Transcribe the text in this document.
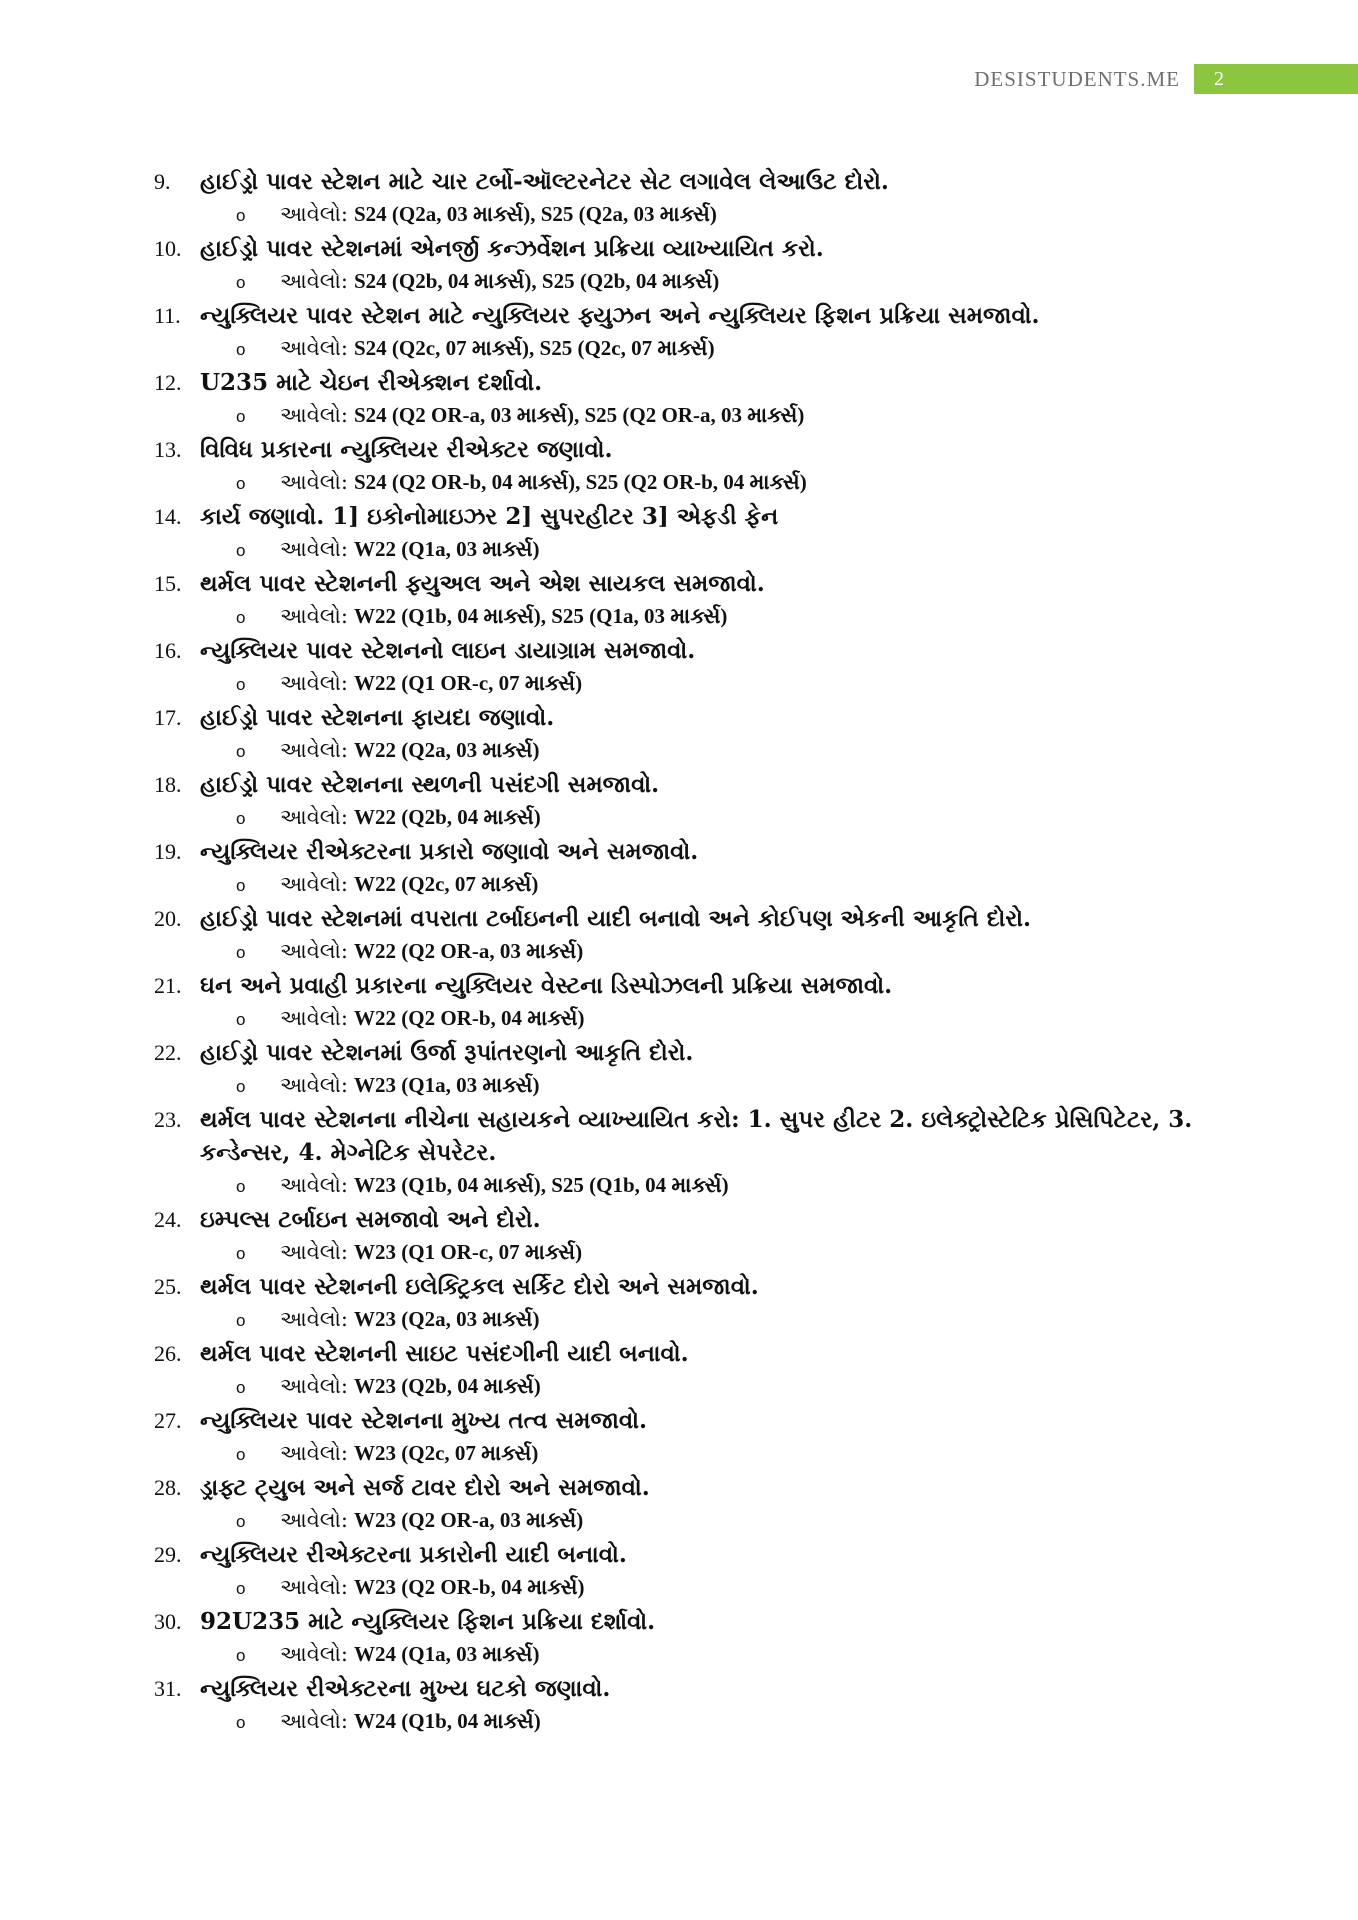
DESISTUDENTS.ME	2
9.	હાઈડ્રો પાવર સ્ટેશન માટે ચાર ટર્બો-ઑલ્ટરનેટર સેટ લગાવેલ લેઆઉટ દોરો.
o	આવેલો: S24 (Q2a, 03 માર્ક્સ), S25 (Q2a, 03 માર્ક્સ)
10. હાઈડ્રો પાવર સ્ટેશનમાં એનર્જી કન્ઝર્વેશન પ્રક્રિયા વ્યાખ્યાયિત કરો.
o	આવેલો: S24 (Q2b, 04 માર્ક્સ), S25 (Q2b, 04 માર્ક્સ)
11. ન્યુક્લિયર પાવર સ્ટેશન માટે ન્યુક્લિયર ફ્યુઝન અને ન્યુક્લિયર ફિશન પ્રક્રિયા સમજાવો.
o	આવેલો: S24 (Q2c, 07 માર્ક્સ), S25 (Q2c, 07 માર્ક્સ)
12. U235 માટે ચેઇન રીએક્શન દર્શાવો.
o	આવેલો: S24 (Q2 OR-a, 03 માર્ક્સ), S25 (Q2 OR-a, 03 માર્ક્સ)
13. વિવિધ પ્રકારના ન્યુક્લિયર રીએક્ટર જણાવો.
o	આવેલો: S24 (Q2 OR-b, 04 માર્ક્સ), S25 (Q2 OR-b, 04 માર્ક્સ)
14. કાર્ય જણાવો. 1] ઇકોનોમાઇઝર 2] સુપરહીટર 3] એફડી ફેન
o	આવેલો: W22 (Q1a, 03 માર્ક્સ)
15. થર્મલ પાવર સ્ટેશનની ફ્યુઅલ અને એશ સાયકલ સમજાવો.
o	આવેલો: W22 (Q1b, 04 માર્ક્સ), S25 (Q1a, 03 માર્ક્સ)
16. ન્યુક્લિયર પાવર સ્ટેશનનો લાઇન ડાયાગ્રામ સમજાવો.
o	આવેલો: W22 (Q1 OR-c, 07 માર્ક્સ)
17. હાઈડ્રો પાવર સ્ટેશનના ફાયદા જણાવો.
o	આવેલો: W22 (Q2a, 03 માર્ક્સ)
18. હાઈડ્રો પાવર સ્ટેશનના સ્થળની પસંદગી સમજાવો.
o	આવેલો: W22 (Q2b, 04 માર્ક્સ)
19. ન્યુક્લિયર રીએક્ટરના પ્રકારો જણાવો અને સમજાવો.
o	આવેલો: W22 (Q2c, 07 માર્ક્સ)
20. હાઈડ્રો પાવર સ્ટેશનમાં વપરાતા ટર્બાઇનની યાદી બનાવો અને કોઈપણ એકની આકૃતિ દોરો.
o	આવેલો: W22 (Q2 OR-a, 03 માર્ક્સ)
21. ઘન અને પ્રવાહી પ્રકારના ન્યુક્લિયર વેસ્ટના ડિસ્પોઝલની પ્રક્રિયા સમજાવો.
o	આવેલો: W22 (Q2 OR-b, 04 માર્ક્સ)
22. હાઈડ્રો પાવર સ્ટેશનમાં ઉર્જા રૂપાંતરણનો આકૃતિ દોરો.
o	આવેલો: W23 (Q1a, 03 માર્ક્સ)
23. થર્મલ પાવર સ્ટેશનના નીચેના સહાયકને વ્યાખ્યાયિત કરો: 1. સુપર હીટર 2. ઇલેક્ટ્રોસ્ટેટિક પ્રેસિપિટેટર, 3. કન્ડેન્સર, 4. મેગ્નેટિક સેપરેટર.
o	આવેલો: W23 (Q1b, 04 માર્ક્સ), S25 (Q1b, 04 માર્ક્સ)
24. ઇમ્પલ્સ ટર્બાઇન સમજાવો અને દોરો.
o	આવેલો: W23 (Q1 OR-c, 07 માર્ક્સ)
25. થર્મલ પાવર સ્ટેશનની ઇલેક્ટ્રિકલ સર્કિટ દોરો અને સમજાવો.
o	આવેલો: W23 (Q2a, 03 માર્ક્સ)
26. થર્મલ પાવર સ્ટેશનની સાઇટ પસંદગીની યાદી બનાવો.
o	આવેલો: W23 (Q2b, 04 માર્ક્સ)
27. ન્યુક્લિયર પાવર સ્ટેશનના મુખ્ય તત્વ સમજાવો.
o	આવેલો: W23 (Q2c, 07 માર્ક્સ)
28. ડ્રાફ્ટ ટ્યુબ અને સર્જ ટાવર દોરો અને સમજાવો.
o	આવેલો: W23 (Q2 OR-a, 03 માર્ક્સ)
29. ન્યુક્લિયર રીએક્ટરના પ્રકારોની યાદી બનાવો.
o	આવેલો: W23 (Q2 OR-b, 04 માર્ક્સ)
30. 92U235 માટે ન્યુક્લિયર ફિશન પ્રક્રિયા દર્શાવો.
o	આવેલો: W24 (Q1a, 03 માર્ક્સ)
31. ન્યુક્લિયર રીએક્ટરના મુખ્ય ઘટકો જણાવો.
o	આવેલો: W24 (Q1b, 04 માર્ક્સ)
